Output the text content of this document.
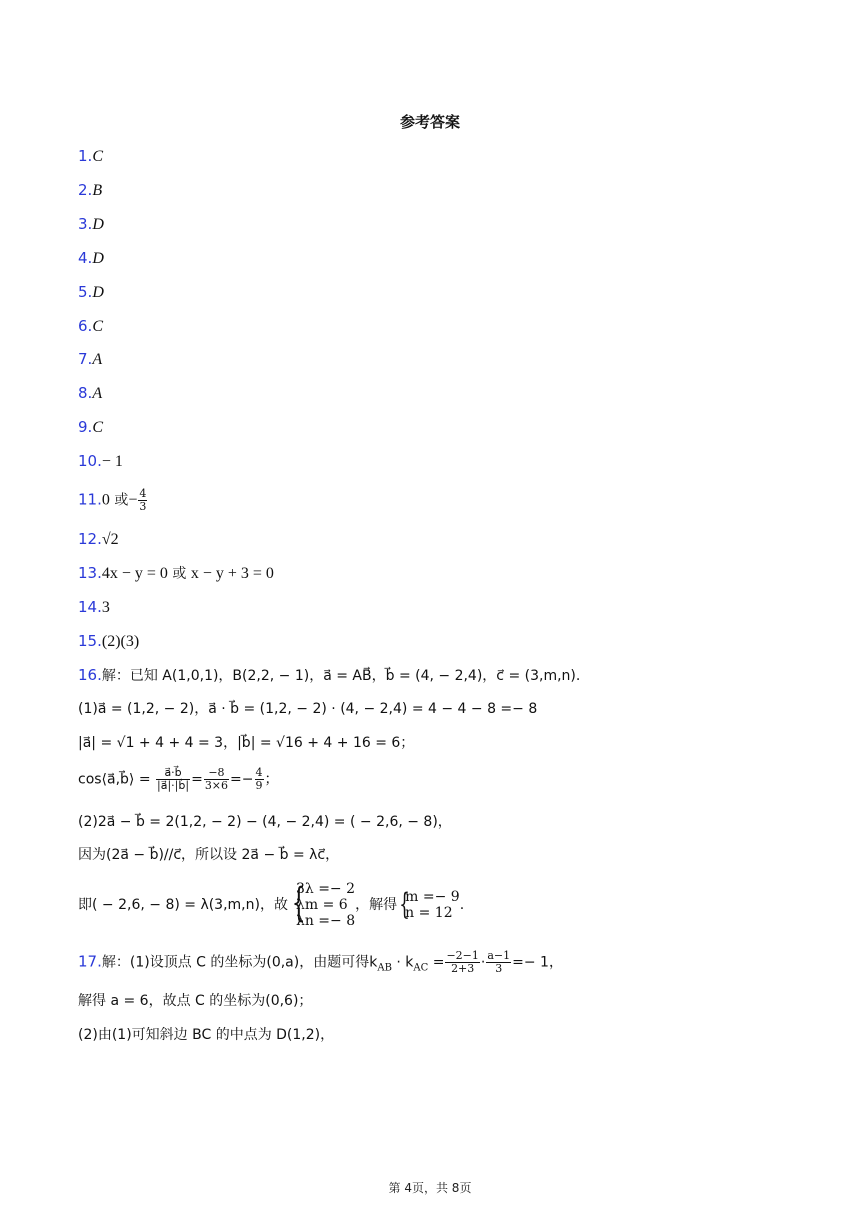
参考答案
1.C
2.B
3.D
4.D
5.D
6.C
7.A
8.A
9.C
10.− 1
11.0 或− $\frac{4}{3}$
12.√2
13.4x − y = 0 或 x − y + 3 = 0
14.3
15.(2)(3)
16.解：已知 A(1,0,1)，B(2,2, − 1)，a⃗ = AB⃗，b⃗ = (4, − 2,4)，c⃗ = (3,m,n).
(1)a⃗ = (1,2, − 2)，a⃗ · b⃗ = (1,2, − 2) · (4, − 2,4) = 4 − 4 − 8 =− 8
|a⃗| = √1 + 4 + 4 = 3，|b⃗| = √16 + 4 + 16 = 6；
cos⟨a⃗,b⃗⟩ = $\frac{a⃗\cdot b⃗}{|a⃗|\cdot|b⃗|} = \frac{-8}{3\times 6} =- \frac{4}{9}$ ；
(2)2a⃗ − b⃗ = 2(1,2, − 2) − (4, − 2,4) = ( − 2,6, − 8)，
因为(2a⃗ − b⃗)//c⃗，所以设 2a⃗ − b⃗ = λc⃗，
即( − 2,6, − 8) = λ(3,m,n)，故
{ 3λ =− 2
λm = 6
λn =− 8
，解得
{ m =− 9
n = 12 .
17.解：(1)设顶点 C 的坐标为(0,a)，由题可得$k_{AB} \cdot k_{AC} = \frac{-2-1}{2+3} \cdot \frac{a-1}{3} =- 1$，
解得 a = 6，故点 C 的坐标为(0,6)；
(2)由(1)可知斜边 BC 的中点为 D(1,2)，
第 4页，共 8页
